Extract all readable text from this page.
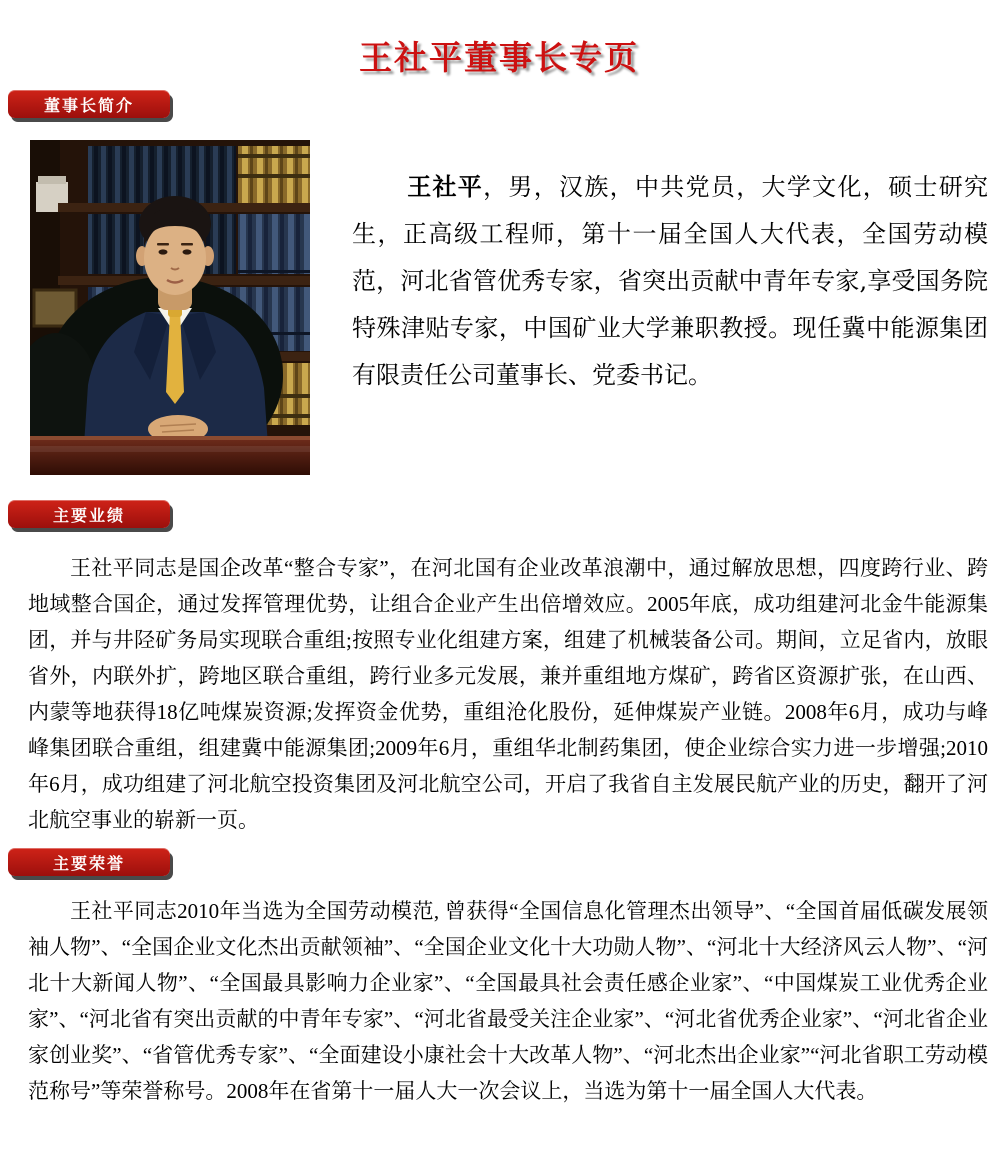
王社平董事长专页
董事长简介

王社平，男，汉族，中共党员，大学文化，硕士研究生，正高级工程师，第十一届全国人大代表，全国劳动模范，河北省管优秀专家，省突出贡献中青年专家,享受国务院特殊津贴专家，中国矿业大学兼职教授。现任冀中能源集团有限责任公司董事长、党委书记。

主要业绩

王社平同志是国企改革“整合专家”，在河北国有企业改革浪潮中，通过解放思想，四度跨行业、跨地域整合国企，通过发挥管理优势，让组合企业产生出倍增效应。2005年底，成功组建河北金牛能源集团，并与井陉矿务局实现联合重组;按照专业化组建方案，组建了机械装备公司。期间，立足省内，放眼省外，内联外扩，跨地区联合重组，跨行业多元发展，兼并重组地方煤矿，跨省区资源扩张，在山西、内蒙等地获得18亿吨煤炭资源;发挥资金优势，重组沧化股份，延伸煤炭产业链。2008年6月，成功与峰峰集团联合重组，组建冀中能源集团;2009年6月，重组华北制药集团，使企业综合实力进一步增强;2010年6月，成功组建了河北航空投资集团及河北航空公司，开启了我省自主发展民航产业的历史，翻开了河北航空事业的崭新一页。

主要荣誉

王社平同志2010年当选为全国劳动模范, 曾获得“全国信息化管理杰出领导”、“全国首届低碳发展领袖人物”、“全国企业文化杰出贡献领袖”、“全国企业文化十大功勋人物”、“河北十大经济风云人物”、“河北十大新闻人物”、“全国最具影响力企业家”、“全国最具社会责任感企业家”、“中国煤炭工业优秀企业家”、“河北省有突出贡献的中青年专家”、“河北省最受关注企业家”、“河北省优秀企业家”、“河北省企业家创业奖”、“省管优秀专家”、“全面建设小康社会十大改革人物”、“河北杰出企业家”“河北省职工劳动模范称号”等荣誉称号。2008年在省第十一届人大一次会议上，当选为第十一届全国人大代表。
